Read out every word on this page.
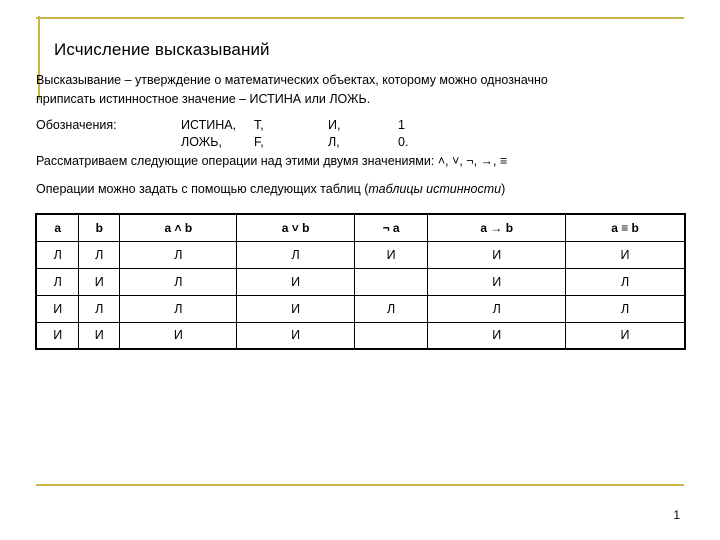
Исчисление высказываний
Высказывание – утверждение о математических объектах, которому можно однозначно
приписать истинностное значение – ИСТИНА или ЛОЖЬ.
Обозначения:	ИСТИНА, T,	И,	1
ЛОЖЬ,	F,	Л,	0.
Рассматриваем следующие операции над этими двумя значениями: ˄, ˅, ¬, →, ≡
Операции можно задать с помощью следующих таблиц (таблицы истинности)
a	b	a ˄ b	a ˅ b	¬ a	a → b	a ≡ b
Л	Л	Л	Л	И	И	И
Л	И	Л	И		И	Л
И	Л	Л	И	Л	Л	Л
И	И	И	И		И	И
1
